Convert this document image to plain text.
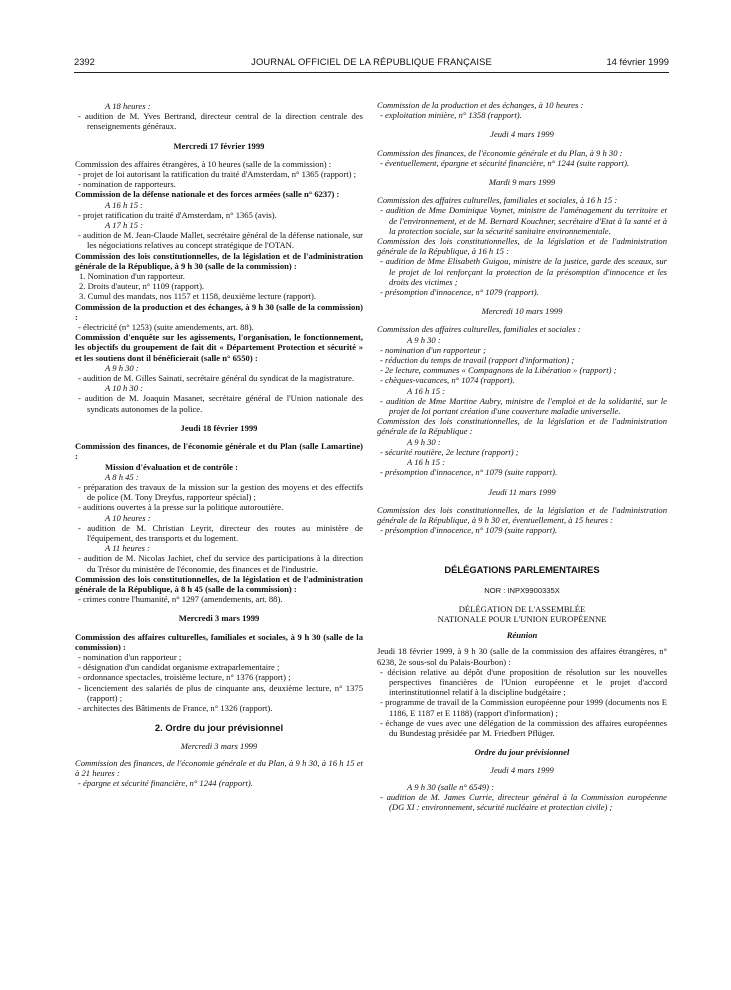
2392	JOURNAL OFFICIEL DE LA RÉPUBLIQUE FRANÇAISE	14 février 1999

A 18 heures :

- audition de M. Yves Bertrand, directeur central de la direction centrale des renseignements généraux.

Mercredi 17 février 1999

Commission des affaires étrangères, à 10 heures (salle de la commission) :

- projet de loi autorisant la ratification du traité d'Amsterdam, n° 1365 (rapport) ;

- nomination de rapporteurs.

Commission de la défense nationale et des forces armées (salle n° 6237) :

A 16 h 15 :

- projet ratification du traité d'Amsterdam, n° 1365 (avis).

A 17 h 15 :

- audition de M. Jean-Claude Mallet, secrétaire général de la défense nationale, sur les négociations relatives au concept stratégique de l'OTAN.

Commission des lois constitutionnelles, de la législation et de l'administration générale de la République, à 9 h 30 (salle de la commission) :

1. Nomination d'un rapporteur.

2. Droits d'auteur, n° 1109 (rapport).

3. Cumul des mandats, nos 1157 et 1158, deuxième lecture (rapport).

Commission de la production et des échanges, à 9 h 30 (salle de la commission) :

- électricité (n° 1253) (suite amendements, art. 88).

Commission d'enquête sur les agissements, l'organisation, le fonctionnement, les objectifs du groupement de fait dit « Département Protection et sécurité » et les soutiens dont il bénéficierait (salle n° 6550) :

A 9 h 30 :

- audition de M. Gilles Sainati, secrétaire général du syndicat de la magistrature.

A 10 h 30 :

- audition de M. Joaquin Masanet, secrétaire général de l'Union nationale des syndicats autonomes de la police.

Jeudi 18 février 1999

Commission des finances, de l'économie générale et du Plan (salle Lamartine) :

Mission d'évaluation et de contrôle :

A 8 h 45 :

- préparation des travaux de la mission sur la gestion des moyens et des effectifs de police (M. Tony Dreyfus, rapporteur spécial) ;

- auditions ouvertes à la presse sur la politique autoroutière.

A 10 heures :

- audition de M. Christian Leyrit, directeur des routes au ministère de l'équipement, des transports et du logement.

A 11 heures :

- audition de M. Nicolas Jachiet, chef du service des participations à la direction du Trésor du ministère de l'économie, des finances et de l'industrie.

Commission des lois constitutionnelles, de la législation et de l'administration générale de la République, à 8 h 45 (salle de la commission) :

- crimes contre l'humanité, n° 1297 (amendements, art. 88).

Mercredi 3 mars 1999

Commission des affaires culturelles, familiales et sociales, à 9 h 30 (salle de la commission) :

- nomination d'un rapporteur ;

- désignation d'un candidat organisme extraparlementaire ;

- ordonnance spectacles, troisième lecture, n° 1376 (rapport) ;

- licenciement des salariés de plus de cinquante ans, deuxième lecture, n° 1375 (rapport) ;

- architectes des Bâtiments de France, n° 1326 (rapport).

2. Ordre du jour prévisionnel

Mercredi 3 mars 1999

Commission des finances, de l'économie générale et du Plan, à 9 h 30, à 16 h 15 et à 21 heures :

- épargne et sécurité financière, n° 1244 (rapport).

Commission de la production et des échanges, à 10 heures :

- exploitation minière, n° 1358 (rapport).

Jeudi 4 mars 1999

Commission des finances, de l'économie générale et du Plan, à 9 h 30 :

- éventuellement, épargne et sécurité financière, n° 1244 (suite rapport).

Mardi 9 mars 1999

Commission des affaires culturelles, familiales et sociales, à 16 h 15 :

- audition de Mme Dominique Voynet, ministre de l'aménagement du territoire et de l'environnement, et de M. Bernard Kouchner, secrétaire d'Etat à la santé et à la protection sociale, sur la sécurité sanitaire environnementale.

Commission des lois constitutionnelles, de la législation et de l'administration générale de la République, à 16 h 15 :

- audition de Mme Elisabeth Guigou, ministre de la justice, garde des sceaux, sur le projet de loi renforçant la protection de la présomption d'innocence et les droits des victimes ;

- présomption d'innocence, n° 1079 (rapport).

Mercredi 10 mars 1999

Commission des affaires culturelles, familiales et sociales :

A 9 h 30 :

- nomination d'un rapporteur ;

- réduction du temps de travail (rapport d'information) ;

- 2e lecture, communes « Compagnons de la Libération » (rapport) ;

- chèques-vacances, n° 1074 (rapport).

A 16 h 15 :

- audition de Mme Martine Aubry, ministre de l'emploi et de la solidarité, sur le projet de loi portant création d'une couverture maladie universelle.

Commission des lois constitutionnelles, de la législation et de l'administration générale de la République :

A 9 h 30 :

- sécurité routière, 2e lecture (rapport) ;

A 16 h 15 :

- présomption d'innocence, n° 1079 (suite rapport).

Jeudi 11 mars 1999

Commission des lois constitutionnelles, de la législation et de l'administration générale de la République, à 9 h 30 et, éventuellement, à 15 heures :

- présomption d'innocence, n° 1079 (suite rapport).

DÉLÉGATIONS PARLEMENTAIRES

NOR : INPX9900335X

DÉLÉGATION DE L'ASSEMBLÉE NATIONALE POUR L'UNION EUROPÉENNE

Réunion

Jeudi 18 février 1999, à 9 h 30 (salle de la commission des affaires étrangères, n° 6238, 2e sous-sol du Palais-Bourbon) :

- décision relative au dépôt d'une proposition de résolution sur les nouvelles perspectives financières de l'Union européenne et le projet d'accord interinstitutionnel relatif à la discipline budgétaire ;

- programme de travail de la Commission européenne pour 1999 (documents nos E 1186, E 1187 et E 1188) (rapport d'information) ;

- échange de vues avec une délégation de la commission des affaires européennes du Bundestag présidée par M. Friedbert Pflüger.

Ordre du jour prévisionnel

Jeudi 4 mars 1999

A 9 h 30 (salle n° 6549) :

- audition de M. James Currie, directeur général à la Commission européenne (DG XI : environnement, sécurité nucléaire et protection civile) ;
